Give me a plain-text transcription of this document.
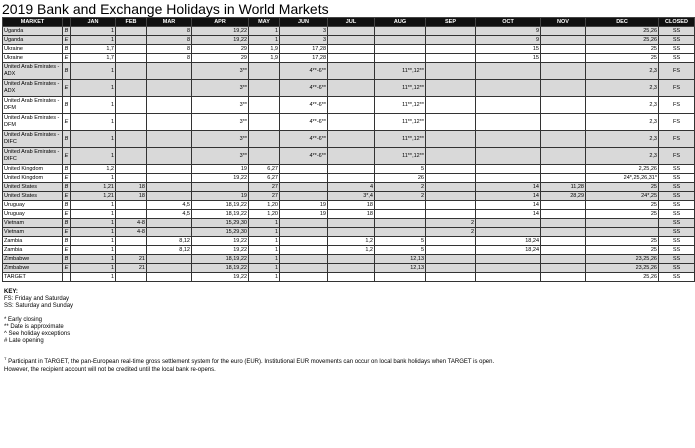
2019 Bank and Exchange Holidays in World Markets
MARKET		JAN	FEB	MAR	APR	MAY	JUN	JUL	AUG	SEP	OCT	NOV	DEC	CLOSED
Uganda	B	1		8	19,22	1	3				9		25,26	SS
Uganda	E	1		8	19,22	1	3				9		25,26	SS
Ukraine	B	1,7		8	29	1,9	17,28				15		25	SS
Ukraine	E	1,7		8	29	1,9	17,28				15		25	SS
United Arab Emirates - ADX	B	1			3**		4**-6**		11**,12**				2,3	FS
United Arab Emirates - ADX	E	1			3**		4**-6**		11**,12**				2,3	FS
United Arab Emirates - DFM	B	1			3**		4**-6**		11**,12**				2,3	FS
United Arab Emirates - DFM	E	1			3**		4**-6**		11**,12**				2,3	FS
United Arab Emirates - DIFC	B	1			3**		4**-6**		11**,12**				2,3	FS
United Arab Emirates - DIFC	E	1			3**		4**-6**		11**,12**				2,3	FS
United Kingdom	B	1,2			19	6,27			5				2,25,26	SS
United Kingdom	E	1			19,22	6,27			26				24*,25,26,31*	SS
United States	B	1,21	18			27		4	2		14	11,28	25	SS
United States	E	1,21	18		19	27		3*,4	2		14	28,29	24*,25	SS
Uruguay	B	1		4,5	18,19,22	1,20	19	18			14		25	SS
Uruguay	E	1		4,5	18,19,22	1,20	19	18			14		25	SS
Vietnam	B	1	4-8		15,29,30	1				2				SS
Vietnam	E	1	4-8		15,29,30	1				2				SS
Zambia	B	1		8,12	19,22	1		1,2	5		18,24		25	SS
Zambia	E	1		8,12	19,22	1		1,2	5		18,24		25	SS
Zimbabwe	B	1	21		18,19,22	1			12,13				23,25,26	SS
Zimbabwe	E	1	21		18,19,22	1			12,13				23,25,26	SS
TARGET		1			19,22	1							25,26	SS
KEY:
FS: Friday and Saturday
SS: Saturday and Sunday
* Early closing
** Date is approximate
^ See holiday exceptions
# Late opening
$^T$ Participant in TARGET, the pan-European real-time gross settlement system for the euro (EUR). Institutional EUR movements can occur on local bank holidays when TARGET is open.
However, the recipient account will not be credited until the local bank re-opens.
